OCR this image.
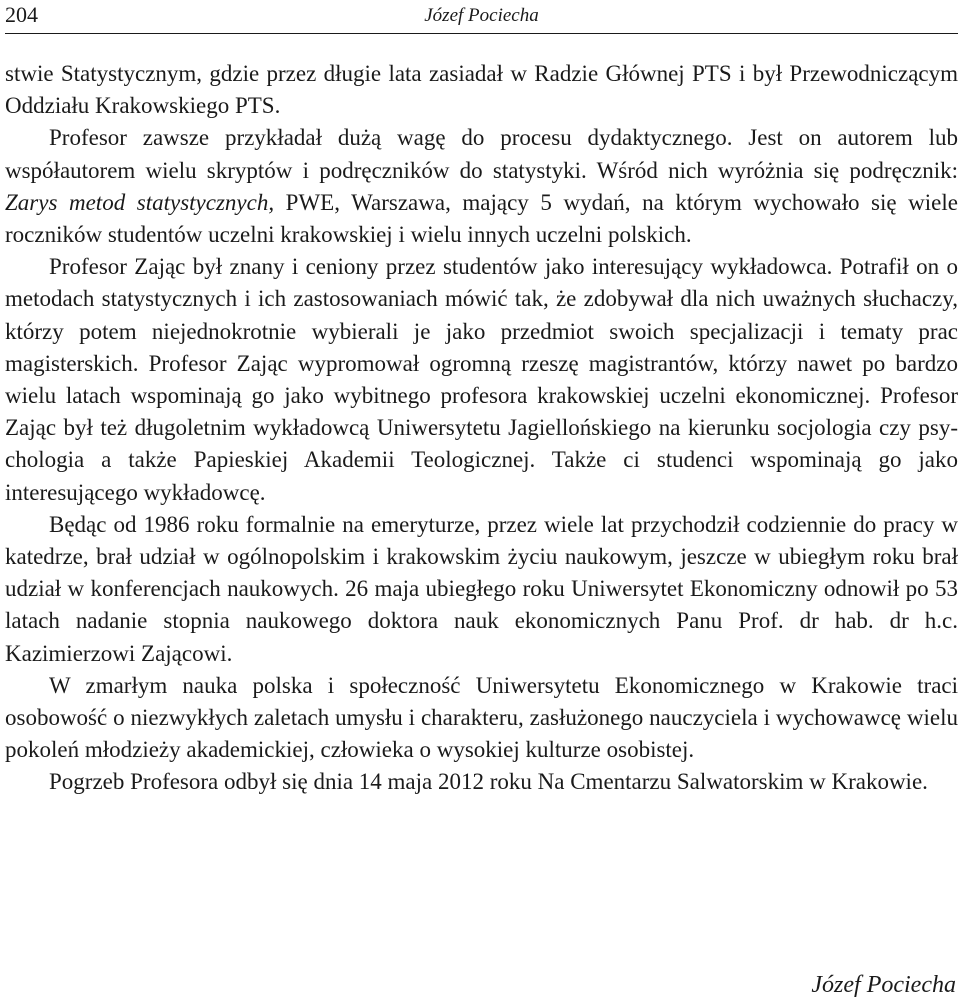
204	Józef Pociecha

stwie Statystycznym, gdzie przez długie lata zasiadał w Radzie Głównej PTS i był Przewodniczącym Oddziału Krakowskiego PTS.

Profesor zawsze przykładał dużą wagę do procesu dydaktycznego. Jest on autorem lub współautorem wielu skryptów i podręczników do statystyki. Wśród nich wyróżnia się podręcznik: Zarys metod statystycznych, PWE, Warszawa, mający 5 wydań, na którym wychowało się wiele roczników studentów uczelni krakowskiej i wielu innych uczelni polskich.

Profesor Zając był znany i ceniony przez studentów jako interesujący wykładowca. Potrafił on o metodach statystycznych i ich zastosowaniach mówić tak, że zdobywał dla nich uważnych słuchaczy, którzy potem niejednokrotnie wybierali je jako przedmiot swoich specjalizacji i tematy prac magisterskich. Profesor Zając wypromował ogromną rzeszę magistrantów, którzy nawet po bardzo wielu latach wspominają go jako wybitnego profesora krakowskiej uczelni ekonomicznej. Profesor Zając był też długoletnim wykładowcą Uniwersytetu Jagiellońskiego na kierunku socjologia czy psychologia a także Papieskiej Akademii Teologicznej. Także ci studenci wspominają go jako interesującego wykładowcę.

Będąc od 1986 roku formalnie na emeryturze, przez wiele lat przychodził codziennie do pracy w katedrze, brał udział w ogólnopolskim i krakowskim życiu naukowym, jeszcze w ubiegłym roku brał udział w konferencjach naukowych. 26 maja ubiegłego roku Uniwersytet Ekonomiczny odnowił po 53 latach nadanie stopnia naukowego doktora nauk ekonomicznych Panu Prof. dr hab. dr h.c. Kazimierzowi Zającowi.

W zmarłym nauka polska i społeczność Uniwersytetu Ekonomicznego w Krakowie traci osobowość o niezwykłych zaletach umysłu i charakteru, zasłużonego nauczyciela i wychowawcę wielu pokoleń młodzieży akademickiej, człowieka o wysokiej kulturze osobistej.

Pogrzeb Profesora odbył się dnia 14 maja 2012 roku Na Cmentarzu Salwatorskim w Krakowie.

Józef Pociecha
